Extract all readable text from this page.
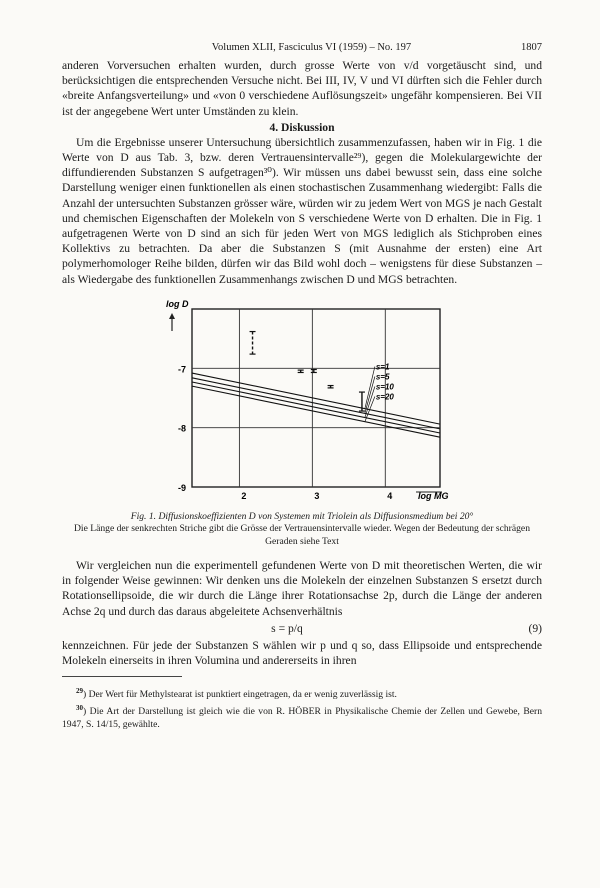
Volumen XLII, Fasciculus VI (1959) – No. 197	1807

anderen Vorversuchen erhalten wurden, durch grosse Werte von v/d vorgetäuscht sind, und berücksichtigen die entsprechenden Versuche nicht. Bei III, IV, V und VI dürften sich die Fehler durch «breite Anfangsverteilung» und «von 0 verschiedene Auflösungszeit» ungefähr kompensieren. Bei VII ist der angegebene Wert unter Umständen zu klein.

4. Diskussion

Um die Ergebnisse unserer Untersuchung übersichtlich zusammenzufassen, haben wir in Fig. 1 die Werte von D aus Tab. 3, bzw. deren Vertrauensintervalle²⁹), gegen die Molekulargewichte der diffundierenden Substanzen S aufgetragen³⁰). Wir müssen uns dabei bewusst sein, dass eine solche Darstellung weniger einen funktionellen als einen stochastischen Zusammenhang wiedergibt: Falls die Anzahl der untersuchten Substanzen grösser wäre, würden wir zu jedem Wert von MGS je nach Gestalt und chemischen Eigenschaften der Molekeln von S verschiedene Werte von D erhalten. Die in Fig. 1 aufgetragenen Werte von D sind an sich für jeden Wert von MGS lediglich als Stichproben eines Kollektivs zu betrachten. Da aber die Substanzen S (mit Ausnahme der ersten) eine Art polymerhomologer Reihe bilden, dürfen wir das Bild wohl doch – wenigstens für diese Substanzen – als Wiedergabe des funktionellen Zusammenhangs zwischen D und MGS betrachten.

2	3	4
-7
-8
-9
log D
log MG
s=1
s=5
s=10
s=20
Fig. 1. Diffusionskoeffizienten D von Systemen mit Triolein als Diffusionsmedium bei 20°
Die Länge der senkrechten Striche gibt die Grösse der Vertrauensintervalle wieder. Wegen der Bedeutung der schrägen Geraden siehe Text

Wir vergleichen nun die experimentell gefundenen Werte von D mit theoretischen Werten, die wir in folgender Weise gewinnen: Wir denken uns die Molekeln der einzelnen Substanzen S ersetzt durch Rotationsellipsoide, die wir durch die Länge ihrer Rotationsachse 2p, durch die Länge der anderen Achse 2q und durch das daraus abgeleitete Achsenverhältnis

s = p/q	(9)

kennzeichnen. Für jede der Substanzen S wählen wir p und q so, dass Ellipsoide und entsprechende Molekeln einerseits in ihren Volumina und andererseits in ihren

$^{29}$) Der Wert für Methylstearat ist punktiert eingetragen, da er wenig zuverlässig ist.
$^{30}$) Die Art der Darstellung ist gleich wie die von R. HÖBER in Physikalische Chemie der Zellen und Gewebe, Bern 1947, S. 14/15, gewählte.
